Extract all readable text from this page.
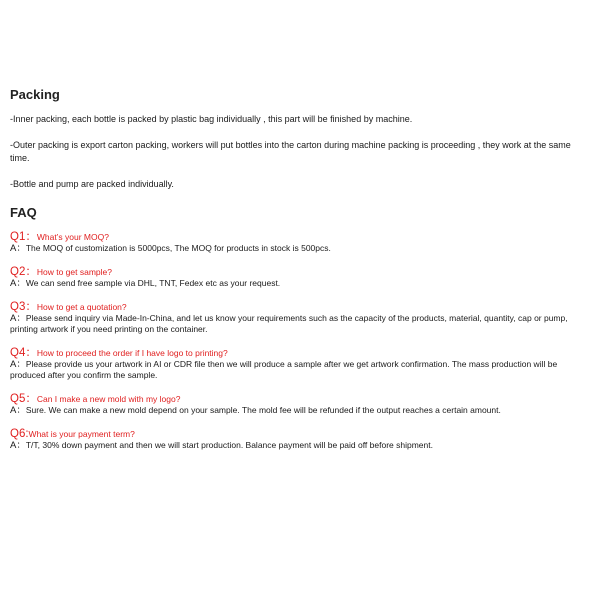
Packing

-Inner packing, each bottle is packed by plastic bag individually , this part will be finished by machine.

-Outer packing is export carton packing, workers will put bottles into the carton during machine packing is proceeding , they work at the same time.

-Bottle and pump are packed individually.

FAQ

Q1：What’s your MOQ?

A：The MOQ of customization is 5000pcs, The MOQ for products in stock is 500pcs.

Q2：How to get sample?

A：We can send free sample via DHL, TNT, Fedex etc as your request.

Q3：How to get a quotation?

A：Please send inquiry via Made-In-China, and let us know your requirements such as the capacity of the products, material, quantity, cap or pump, printing artwork if you need printing on the container.

Q4：How to proceed the order if I have logo to printing?

A：Please provide us your artwork in AI or CDR file then we will produce a sample after we get artwork confirmation. The mass production will be produced after you confirm the sample.

Q5：Can I make a new mold with my logo?

A：Sure. We can make a new mold depend on your sample. The mold fee will be refunded if the output reaches a certain amount.

Q6:What is your payment term?

A：T/T, 30% down payment and then we will start production. Balance payment will be paid off before shipment.
